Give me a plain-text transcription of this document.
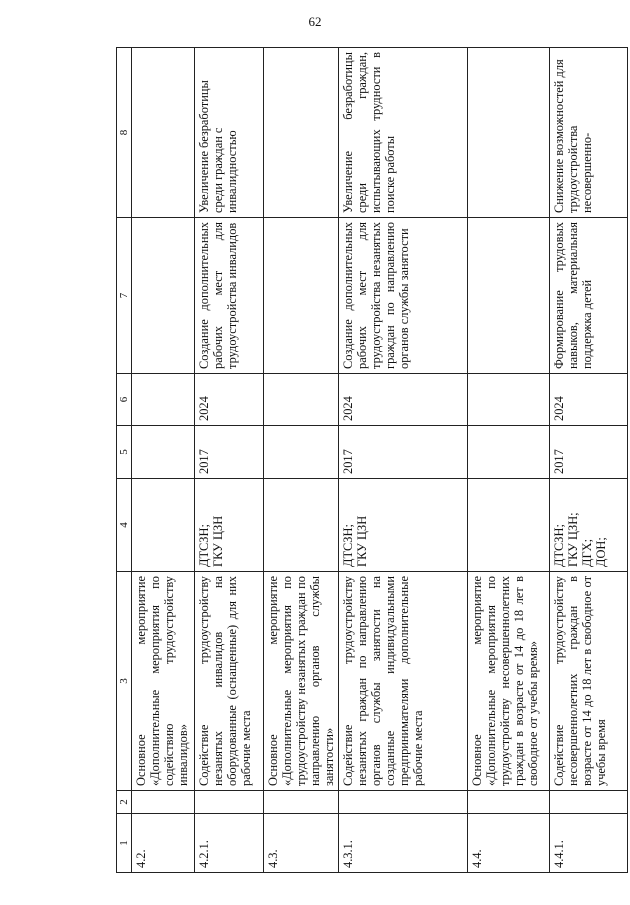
62
1	2	3	4	5	6	7	8
4.2.		Основное мероприятие «Дополнительные мероприятия по содействию трудоустройству инвалидов»					
4.2.1.		Содействие трудоустройству незанятых инвалидов на оборудованные (оснащенные) для них рабочие места	ДТСЗН; ГКУ ЦЗН	2017	2024	Создание дополнительных рабочих мест для трудоустройства инвалидов	Увеличение безработицы среди граждан с инвалидностью
4.3.		Основное мероприятие «Дополнительные мероприятия по трудоустройству незанятых граждан по направлению органов службы занятости»					
4.3.1.		Содействие трудоустройству незанятых граждан по направлению органов службы занятости на созданные индивидуальными предпринимателями дополнительные рабочие места	ДТСЗН; ГКУ ЦЗН	2017	2024	Создание дополнительных рабочих мест для трудоустройства незанятых граждан по направлению органов службы занятости	Увеличение безработицы среди граждан, испытывающих трудности в поиске работы
4.4.		Основное мероприятие «Дополнительные мероприятия по трудоустройству несовершеннолетних граждан в возрасте от 14 до 18 лет в свободное от учебы время»					
4.4.1.		Содействие трудоустройству несовершеннолетних граждан в возрасте от 14 до 18 лет в свободное от учебы время	ДТСЗН; ГКУ ЦЗН; ДГХ; ДОН;	2017	2024	Формирование трудовых навыков, материальная поддержка детей	Снижение возможностей для трудоустройства несовершенно-
